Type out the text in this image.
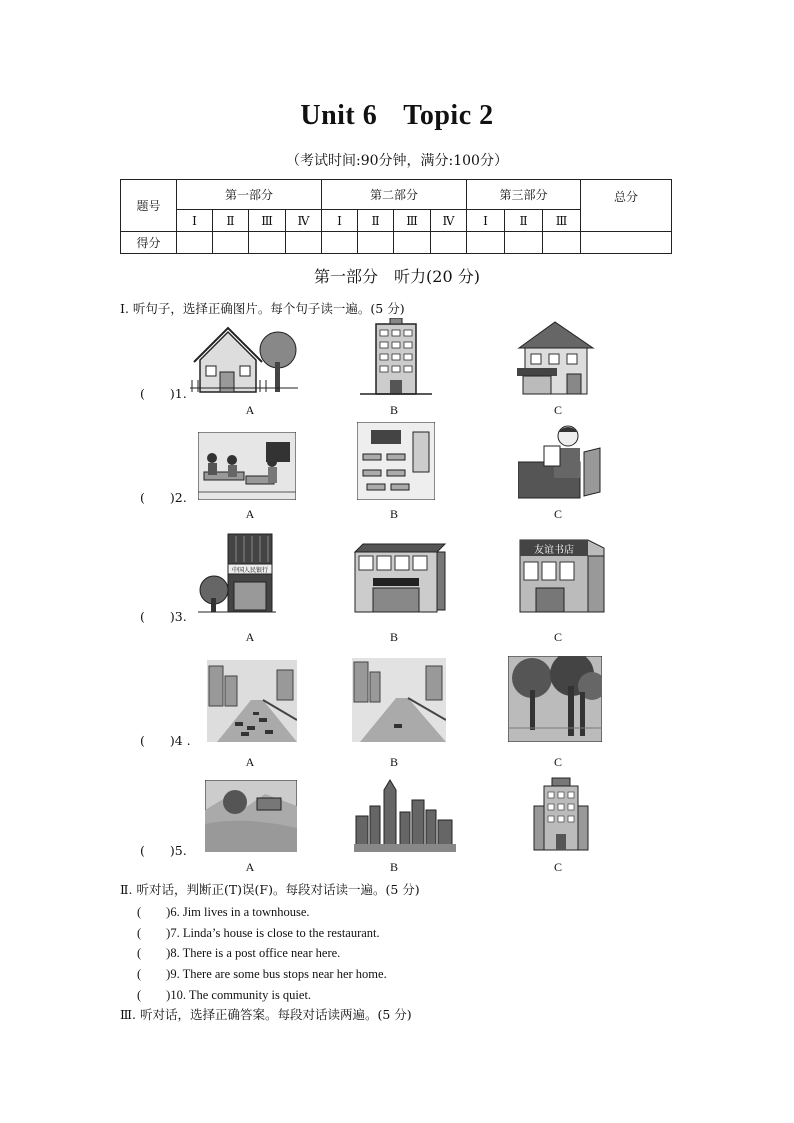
Unit 6 Topic 2
（考试时间:90分钟，满分:100分）
题号	第一部分				第二部分				第三部分			总分
	Ⅰ	Ⅱ	Ⅲ	Ⅳ	Ⅰ	Ⅱ	Ⅲ	Ⅳ	Ⅰ	Ⅱ	Ⅲ	
得分												
第一部分　听力(20 分)
Ⅰ. 听句子，选择正确图片。每个句子读一遍。(5 分)
(　　)1.
(　　)2.
(　　)3.
(　　)4 .
(　　)5.
A	B	C
A	B	C
中国人民银行
友谊书店
A	B	C
A	B	C
A	B	C
Ⅱ. 听对话，判断正(T)误(F)。每段对话读一遍。(5 分)
(　　)6. Jim lives in a townhouse.
(　　)7. Linda’s house is close to the restaurant.
(　　)8. There is a post office near here.
(　　)9. There are some bus stops near her home.
(　　)10. The community is quiet.
Ⅲ. 听对话，选择正确答案。每段对话读两遍。(5 分)
